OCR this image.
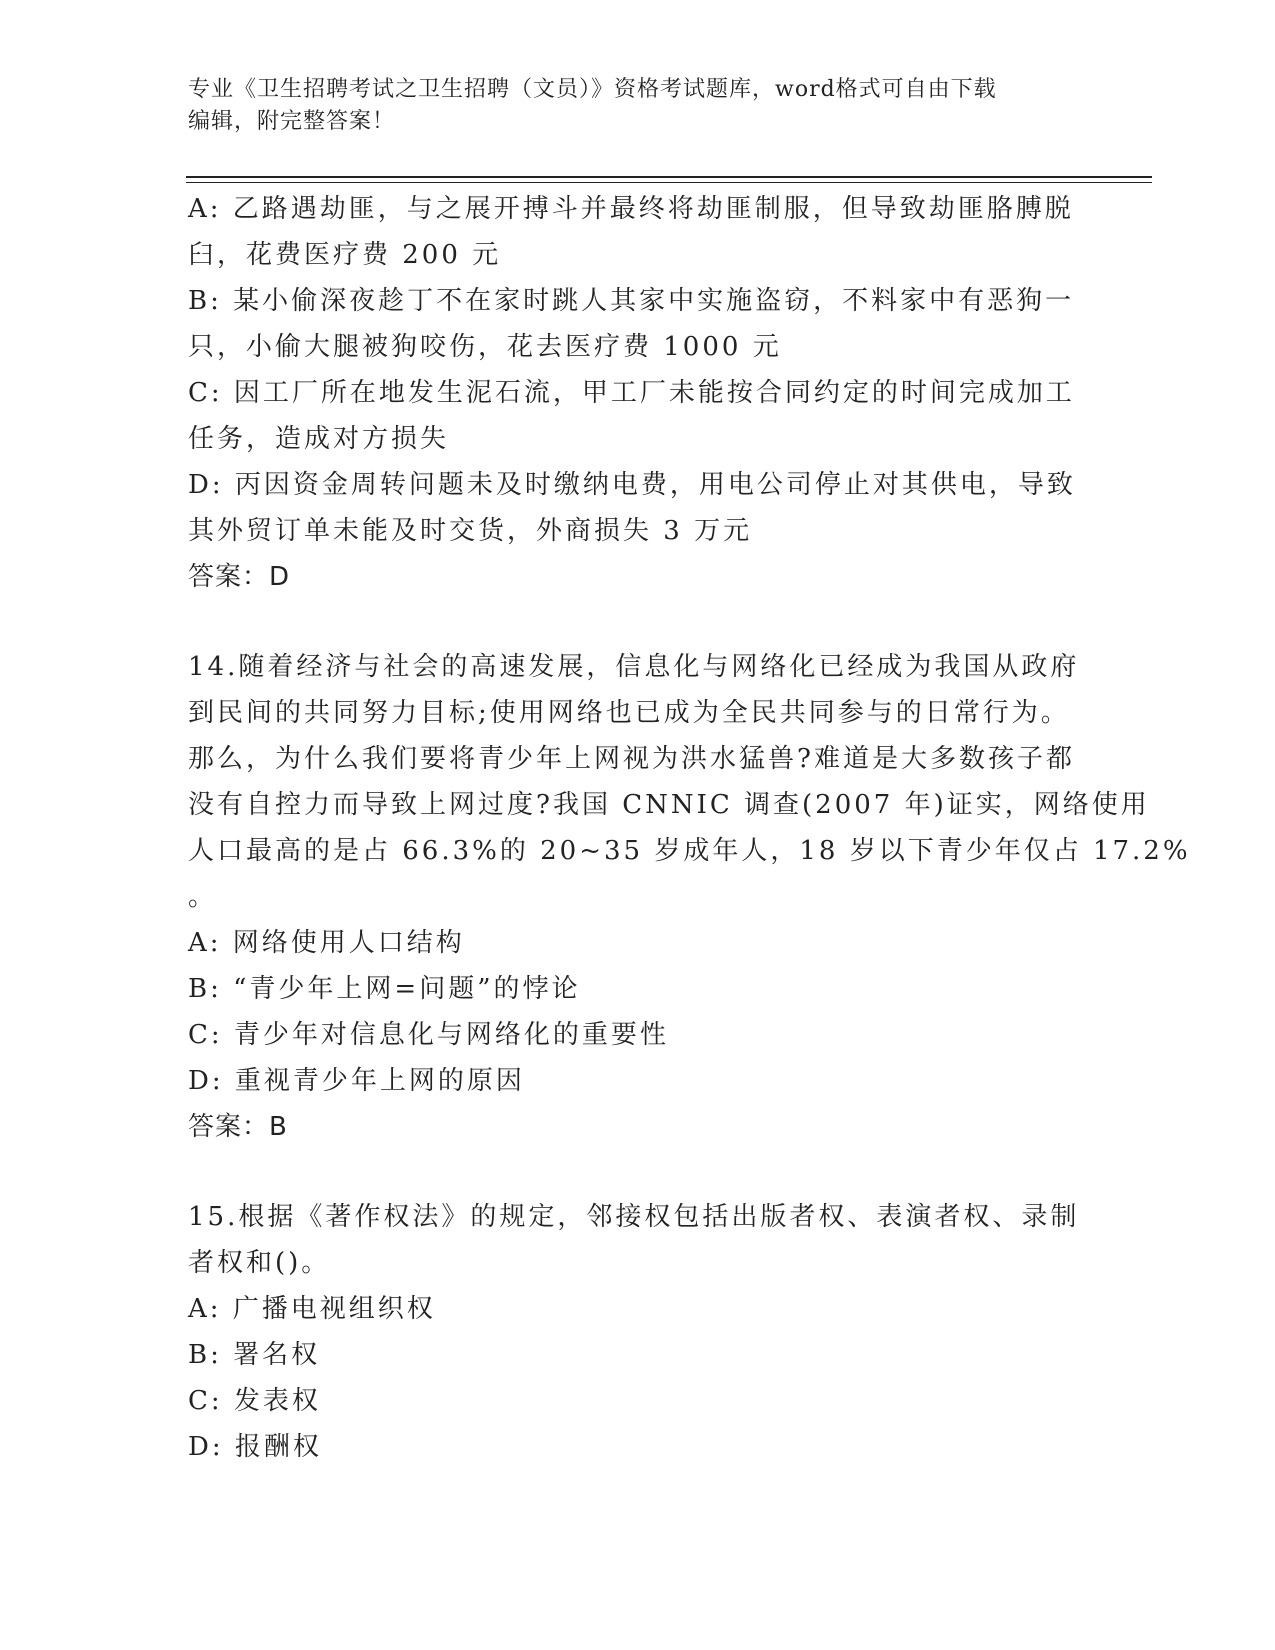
专业《卫生招聘考试之卫生招聘（文员）》资格考试题库，word格式可自由下载
编辑，附完整答案！
A: 乙路遇劫匪，与之展开搏斗并最终将劫匪制服，但导致劫匪胳膊脱
臼，花费医疗费 200 元
B: 某小偷深夜趁丁不在家时跳人其家中实施盗窃，不料家中有恶狗一
只，小偷大腿被狗咬伤，花去医疗费 1000 元
C: 因工厂所在地发生泥石流，甲工厂未能按合同约定的时间完成加工
任务，造成对方损失
D: 丙因资金周转问题未及时缴纳电费，用电公司停止对其供电，导致
其外贸订单未能及时交货，外商损失 3 万元
答案：D
14.随着经济与社会的高速发展，信息化与网络化已经成为我国从政府
到民间的共同努力目标;使用网络也已成为全民共同参与的日常行为。
那么，为什么我们要将青少年上网视为洪水猛兽?难道是大多数孩子都
没有自控力而导致上网过度?我国 CNNIC 调查(2007 年)证实，网络使用
人口最高的是占 66.3%的 20~35 岁成年人，18 岁以下青少年仅占 17.2%
。
A: 网络使用人口结构
B: “青少年上网=问题”的悖论
C: 青少年对信息化与网络化的重要性
D: 重视青少年上网的原因
答案：B
15.根据《著作权法》的规定，邻接权包括出版者权、表演者权、录制
者权和()。
A: 广播电视组织权
B: 署名权
C: 发表权
D: 报酬权
